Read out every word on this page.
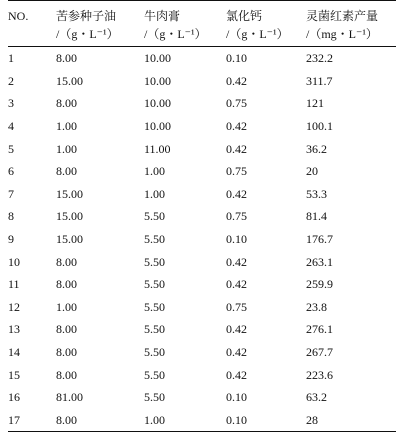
NO.	苦参种子油	牛肉膏	氯化钙	灵菌红素产量
	/（g・L⁻¹）	/（g・L⁻¹）	/（g・L⁻¹）	/（mg・L⁻¹）
1	8.00	10.00	0.10	232.2
2	15.00	10.00	0.42	311.7
3	8.00	10.00	0.75	121
4	1.00	10.00	0.42	100.1
5	1.00	11.00	0.42	36.2
6	8.00	1.00	0.75	20
7	15.00	1.00	0.42	53.3
8	15.00	5.50	0.75	81.4
9	15.00	5.50	0.10	176.7
10	8.00	5.50	0.42	263.1
11	8.00	5.50	0.42	259.9
12	1.00	5.50	0.75	23.8
13	8.00	5.50	0.42	276.1
14	8.00	5.50	0.42	267.7
15	8.00	5.50	0.42	223.6
16	81.00	5.50	0.10	63.2
17	8.00	1.00	0.10	28
